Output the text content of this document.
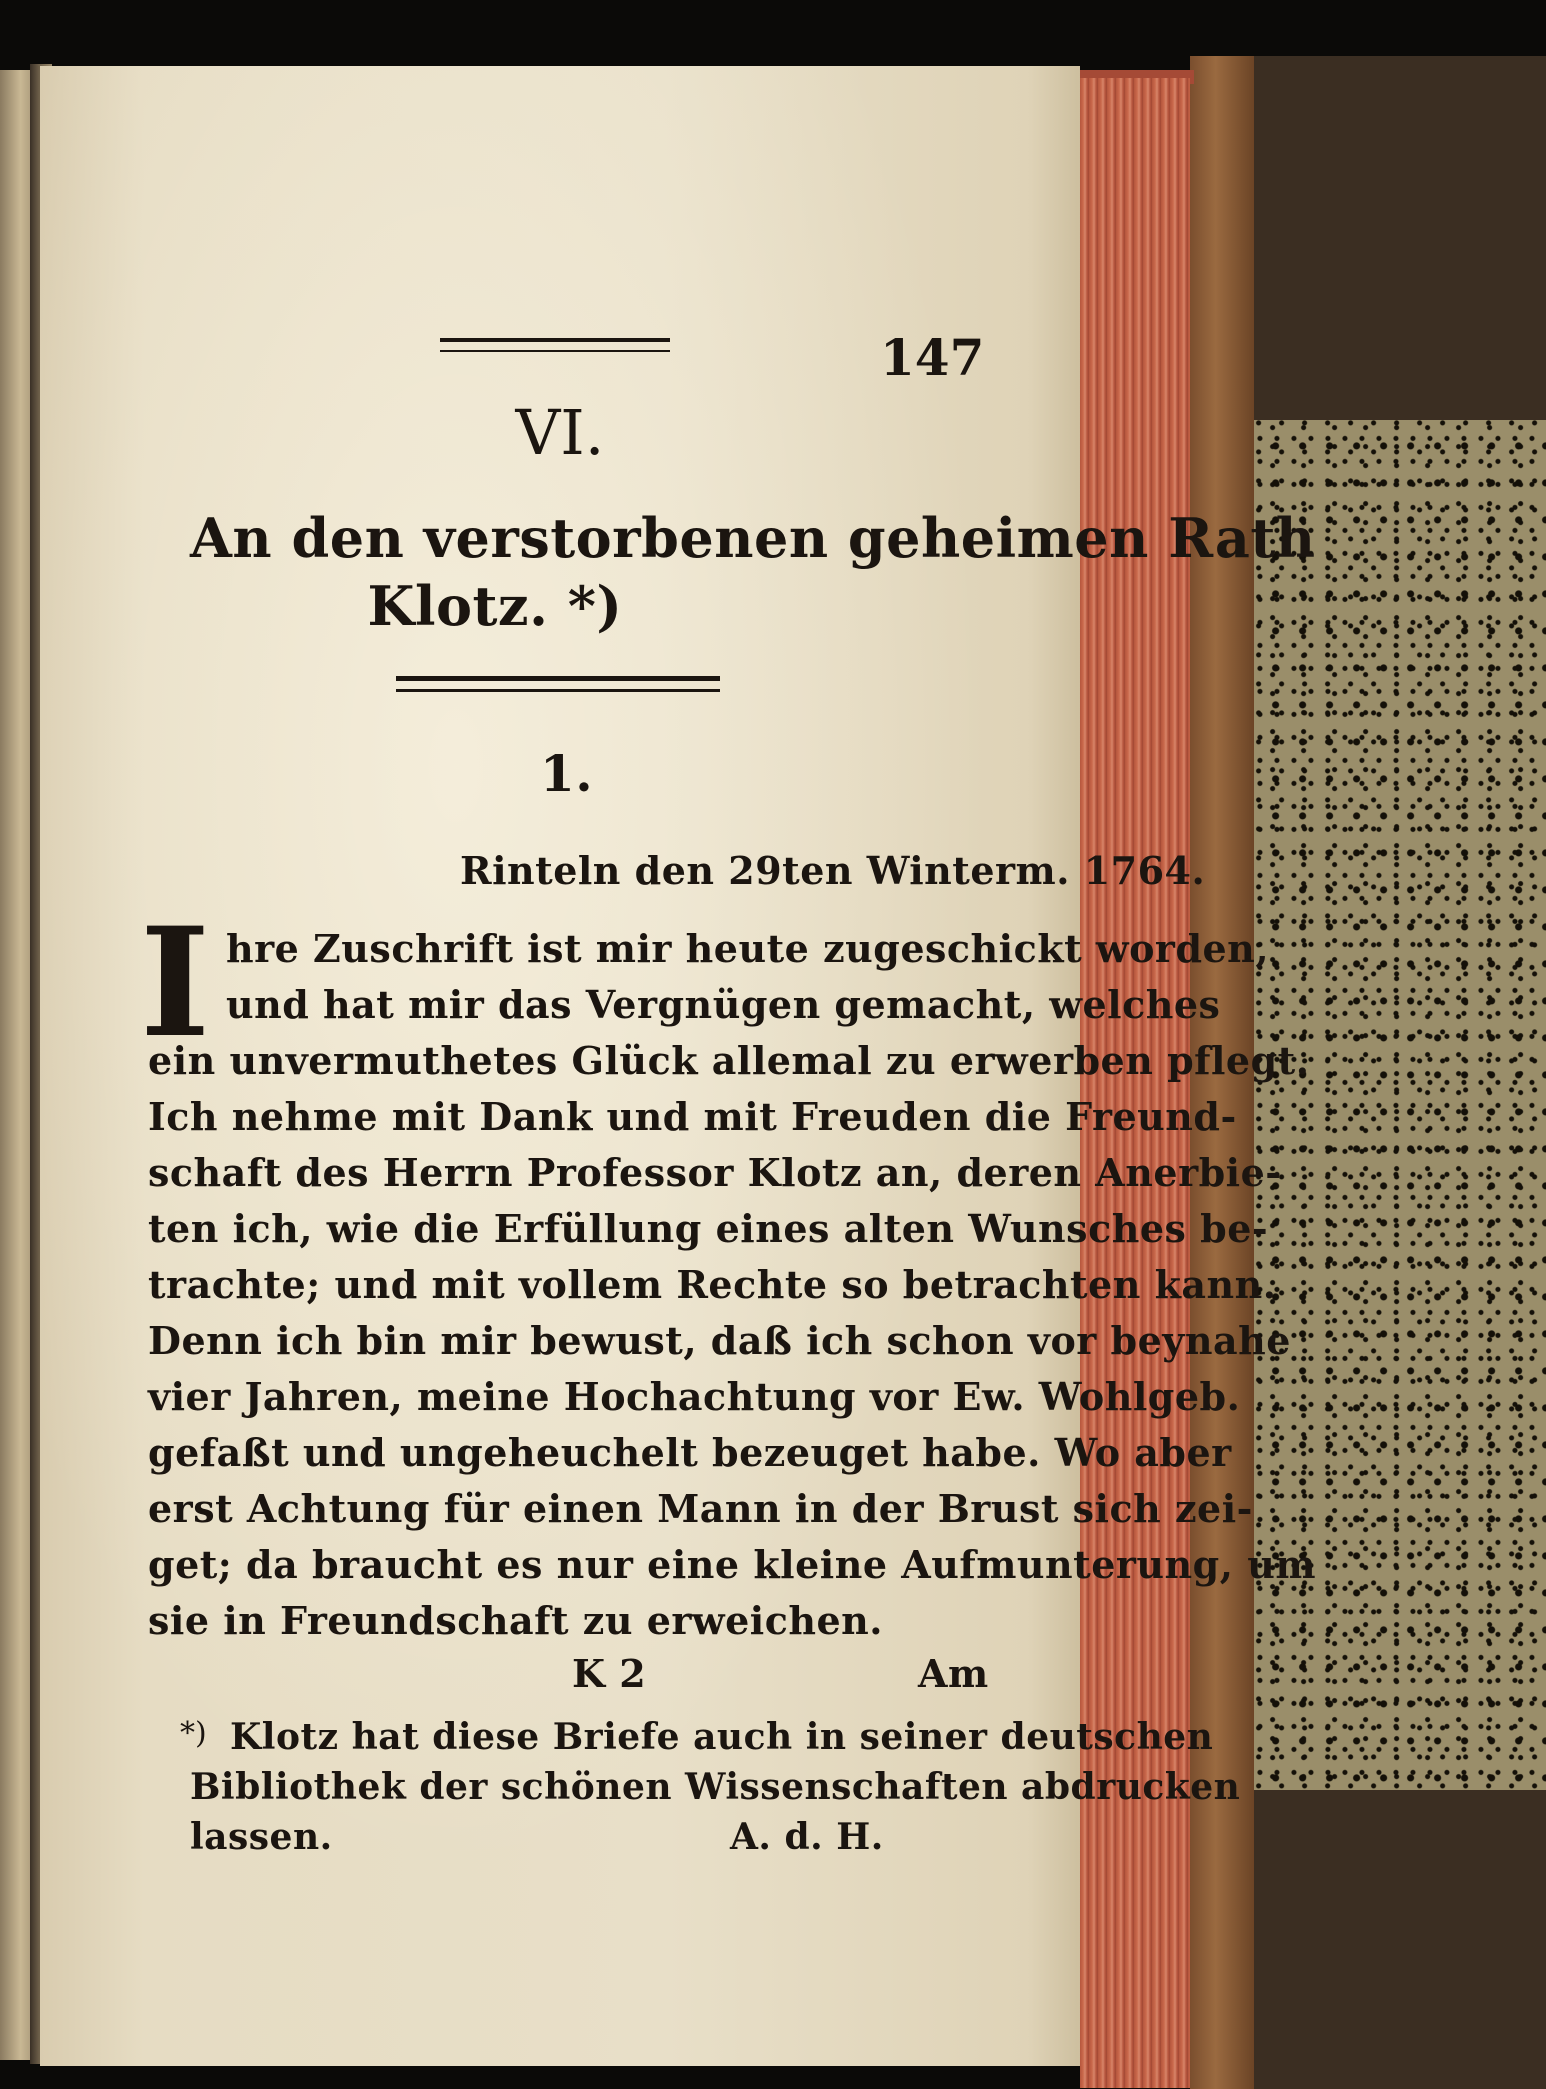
147
VI.
An den verstorbenen geheimen Rath
Klotz. *)
1.
Rinteln den 29ten Winterm. 1764.
I hre Zuschrift ist mir heute zugeschickt worden,
und hat mir das Vergnügen gemacht, welches
ein unvermuthetes Glück allemal zu erwerben pflegt.
Ich nehme mit Dank und mit Freuden die Freund-
schaft des Herrn Professor Klotz an, deren Anerbie-
ten ich, wie die Erfüllung eines alten Wunsches be-
trachte; und mit vollem Rechte so betrachten kann.
Denn ich bin mir bewust, daß ich schon vor beynahe
vier Jahren, meine Hochachtung vor Ew. Wohlgeb.
gefaßt und ungeheuchelt bezeuget habe. Wo aber
erst Achtung für einen Mann in der Brust sich zei-
get; da braucht es nur eine kleine Aufmunterung, um
sie in Freundschaft zu erweichen.
K 2	Am
*) Klotz hat diese Briefe auch in seiner deutschen
Bibliothek der schönen Wissenschaften abdrucken
lassen.	A. d. H.
